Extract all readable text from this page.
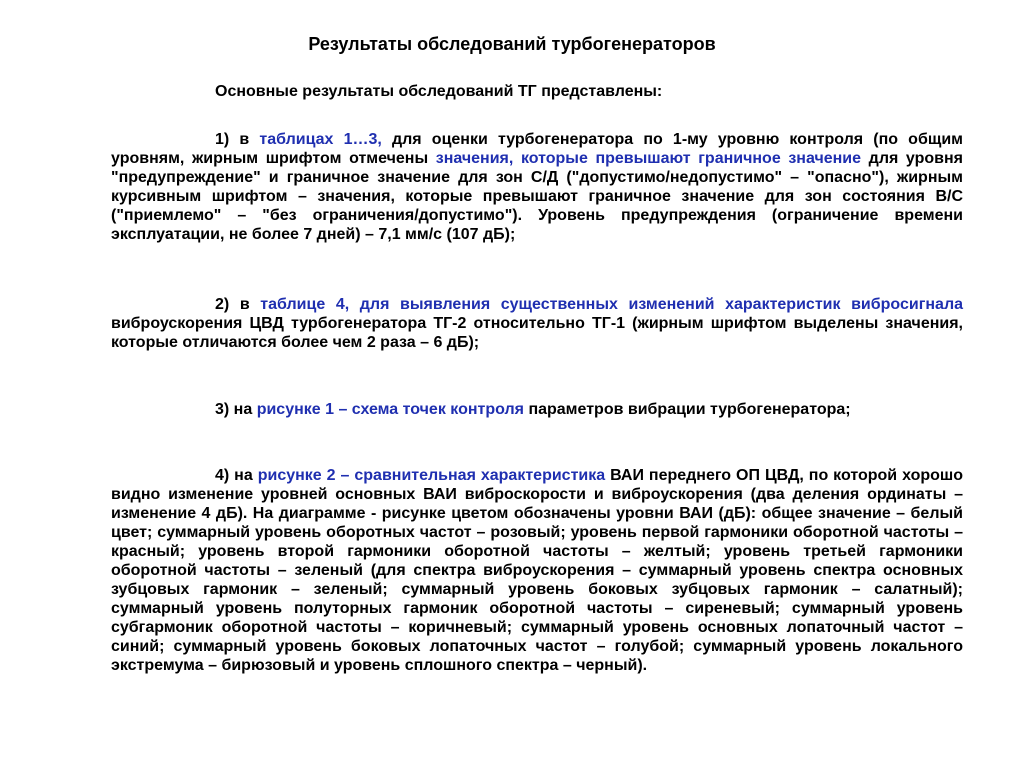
Результаты обследований турбогенераторов

Основные результаты обследований ТГ представлены:

1) в таблицах 1…3, для оценки турбогенератора по 1-му уровню контроля (по общим уровням, жирным шрифтом отмечены значения, которые превышают граничное значение для уровня "предупреждение" и граничное значение для зон С/Д ("допустимо/недопустимо" – "опасно"), жирным курсивным шрифтом – значения, которые превышают граничное значение для зон состояния В/С ("приемлемо" – "без ограничения/допустимо"). Уровень предупреждения (ограничение времени эксплуатации, не более 7 дней) – 7,1 мм/с (107 дБ);

2) в таблице 4, для выявления существенных изменений характеристик вибросигнала виброускорения ЦВД турбогенератора ТГ-2 относительно ТГ-1 (жирным шрифтом выделены значения, которые отличаются более чем 2 раза – 6 дБ);

3) на рисунке 1 – схема точек контроля параметров вибрации турбогенератора;

4) на рисунке 2 – сравнительная характеристика ВАИ переднего ОП ЦВД, по которой хорошо видно изменение уровней основных ВАИ виброскорости и виброускорения (два деления ординаты – изменение 4 дБ). На диаграмме - рисунке цветом обозначены уровни ВАИ (дБ): общее значение – белый цвет; суммарный уровень оборотных частот – розовый; уровень первой гармоники оборотной частоты – красный; уровень второй гармоники оборотной частоты – желтый; уровень третьей гармоники оборотной частоты – зеленый (для спектра виброускорения – суммарный уровень спектра основных зубцовых гармоник – зеленый; суммарный уровень боковых зубцовых гармоник – салатный); суммарный уровень полуторных гармоник оборотной частоты – сиреневый; суммарный уровень субгармоник оборотной частоты – коричневый; суммарный уровень основных лопаточный частот – синий; суммарный уровень боковых лопаточных частот – голубой; суммарный уровень локального экстремума – бирюзовый и уровень сплошного спектра – черный).
